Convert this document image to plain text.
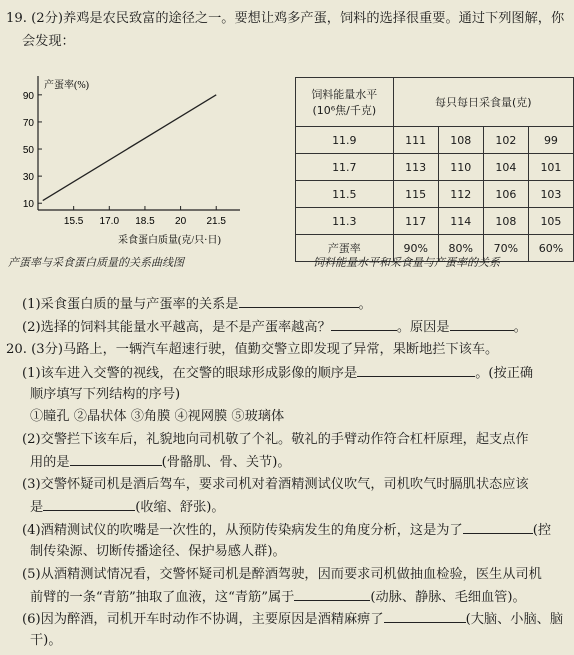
19. (2分)养鸡是农民致富的途径之一。要想让鸡多产蛋，饲料的选择很重要。通过下列图解，你
会发现：
10
30
50
70
90
15.5 17.0 18.5 20 21.5
产蛋率(%)
采食蛋白质量(克/只·日)
产蛋率与采食蛋白质量的关系曲线图
饲料能量水平
(10⁶焦/千克)	每只每日采食量(克)			
11.9	111	108	102	99
11.7	113	110	104	101
11.5	115	112	106	103
11.3	117	114	108	105
产蛋率	90%	80%	70%	60%
饲料能量水平和采食量与产蛋率的关系
(1)采食蛋白质的量与产蛋率的关系是	。
(2)选择的饲料其能量水平越高，是不是产蛋率越高？	。原因是	。
20. (3分)马路上，一辆汽车超速行驶，值勤交警立即发现了异常，果断地拦下该车。
(1)该车进入交警的视线，在交警的眼球形成影像的顺序是	。(按正确
顺序填写下列结构的序号)
①瞳孔 ②晶状体 ③角膜 ④视网膜 ⑤玻璃体
(2)交警拦下该车后，礼貌地向司机敬了个礼。敬礼的手臂动作符合杠杆原理，起支点作
用的是	(骨骼肌、骨、关节)。
(3)交警怀疑司机是酒后驾车，要求司机对着酒精测试仪吹气，司机吹气时膈肌状态应该
是	(收缩、舒张)。
(4)酒精测试仪的吹嘴是一次性的，从预防传染病发生的角度分析，这是为了	(控
制传染源、切断传播途径、保护易感人群)。
(5)从酒精测试情况看，交警怀疑司机是醉酒驾驶，因而要求司机做抽血检验，医生从司机
前臂的一条“青筋”抽取了血液，这“青筋”属于	(动脉、静脉、毛细血管)。
(6)因为醉酒，司机开车时动作不协调，主要原因是酒精麻痹了	(大脑、小脑、脑
干)。
